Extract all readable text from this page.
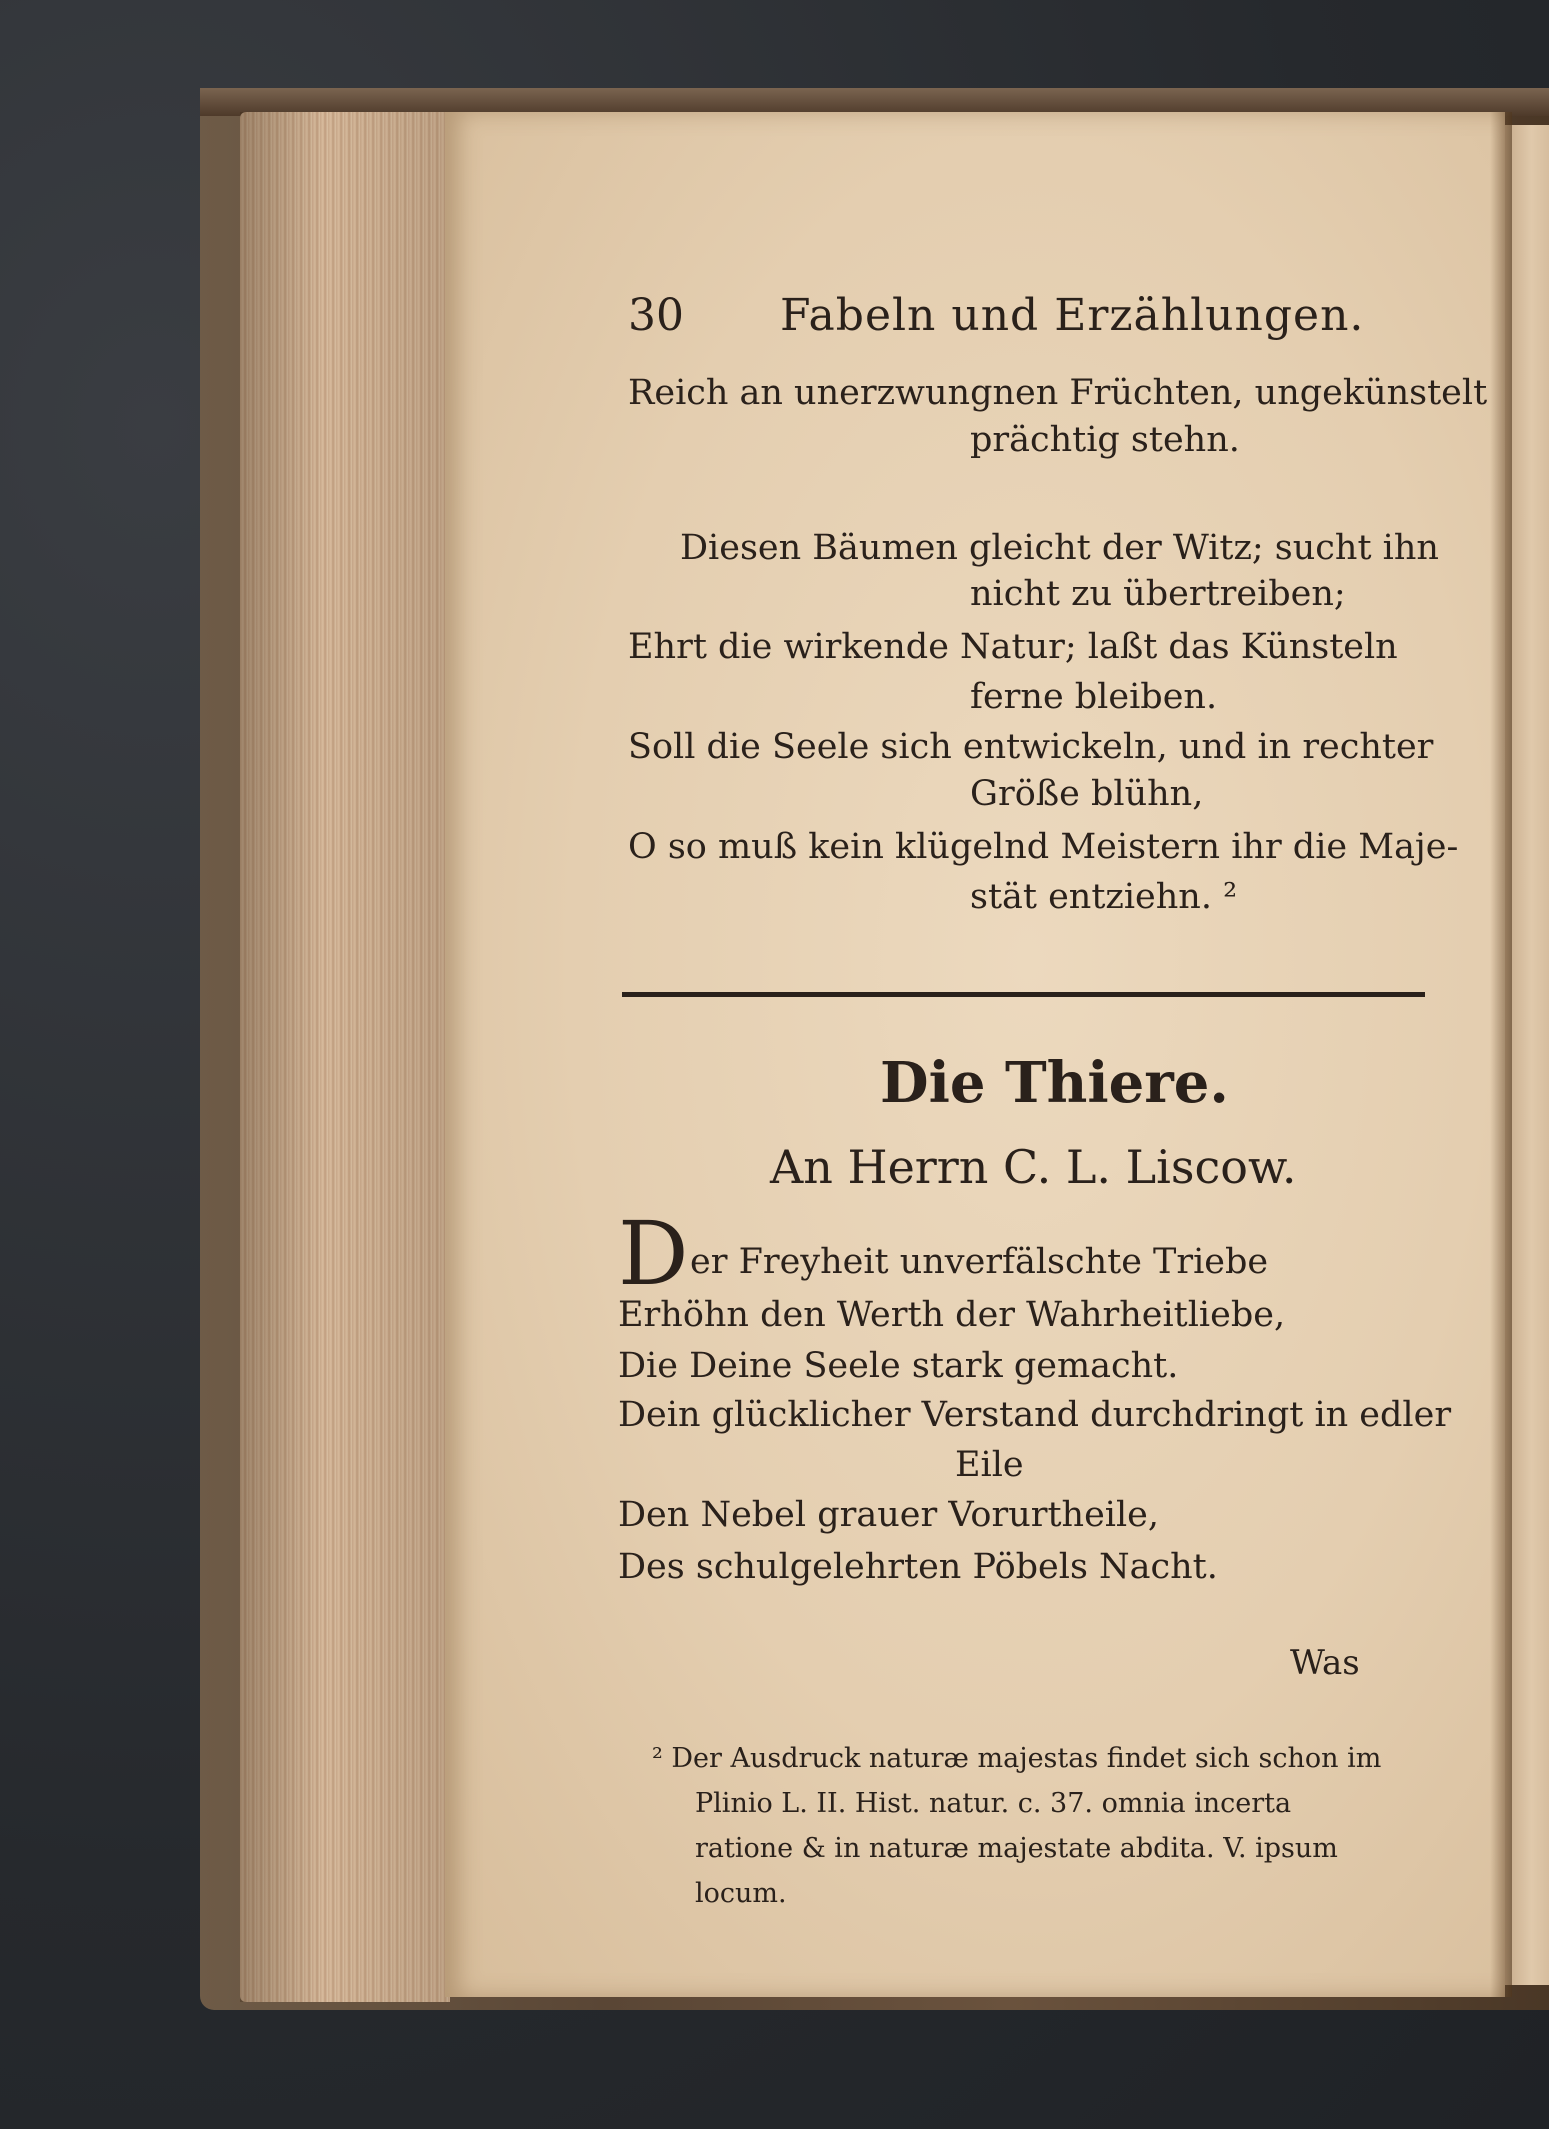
30 Fabeln und Erzählungen.
Reich an unerzwungnen Früchten, ungekünstelt
prächtig stehn.
Diesen Bäumen gleicht der Witz; sucht ihn
nicht zu übertreiben;
Ehrt die wirkende Natur; laßt das Künsteln
ferne bleiben.
Soll die Seele sich entwickeln, und in rechter
Größe blühn,
O so muß kein klügelnd Meistern ihr die Maje-
stät entziehn. ²
Die Thiere.
An Herrn C. L. Liscow.
D er Freyheit unverfälschte Triebe
Erhöhn den Werth der Wahrheitliebe,
Die Deine Seele stark gemacht.
Dein glücklicher Verstand durchdringt in edler
Eile
Den Nebel grauer Vorurtheile,
Des schulgelehrten Pöbels Nacht.
Was
² Der Ausdruck naturæ majestas findet sich schon im
Plinio L. II. Hist. natur. c. 37. omnia incerta
ratione & in naturæ majestate abdita. V. ipsum
locum.
